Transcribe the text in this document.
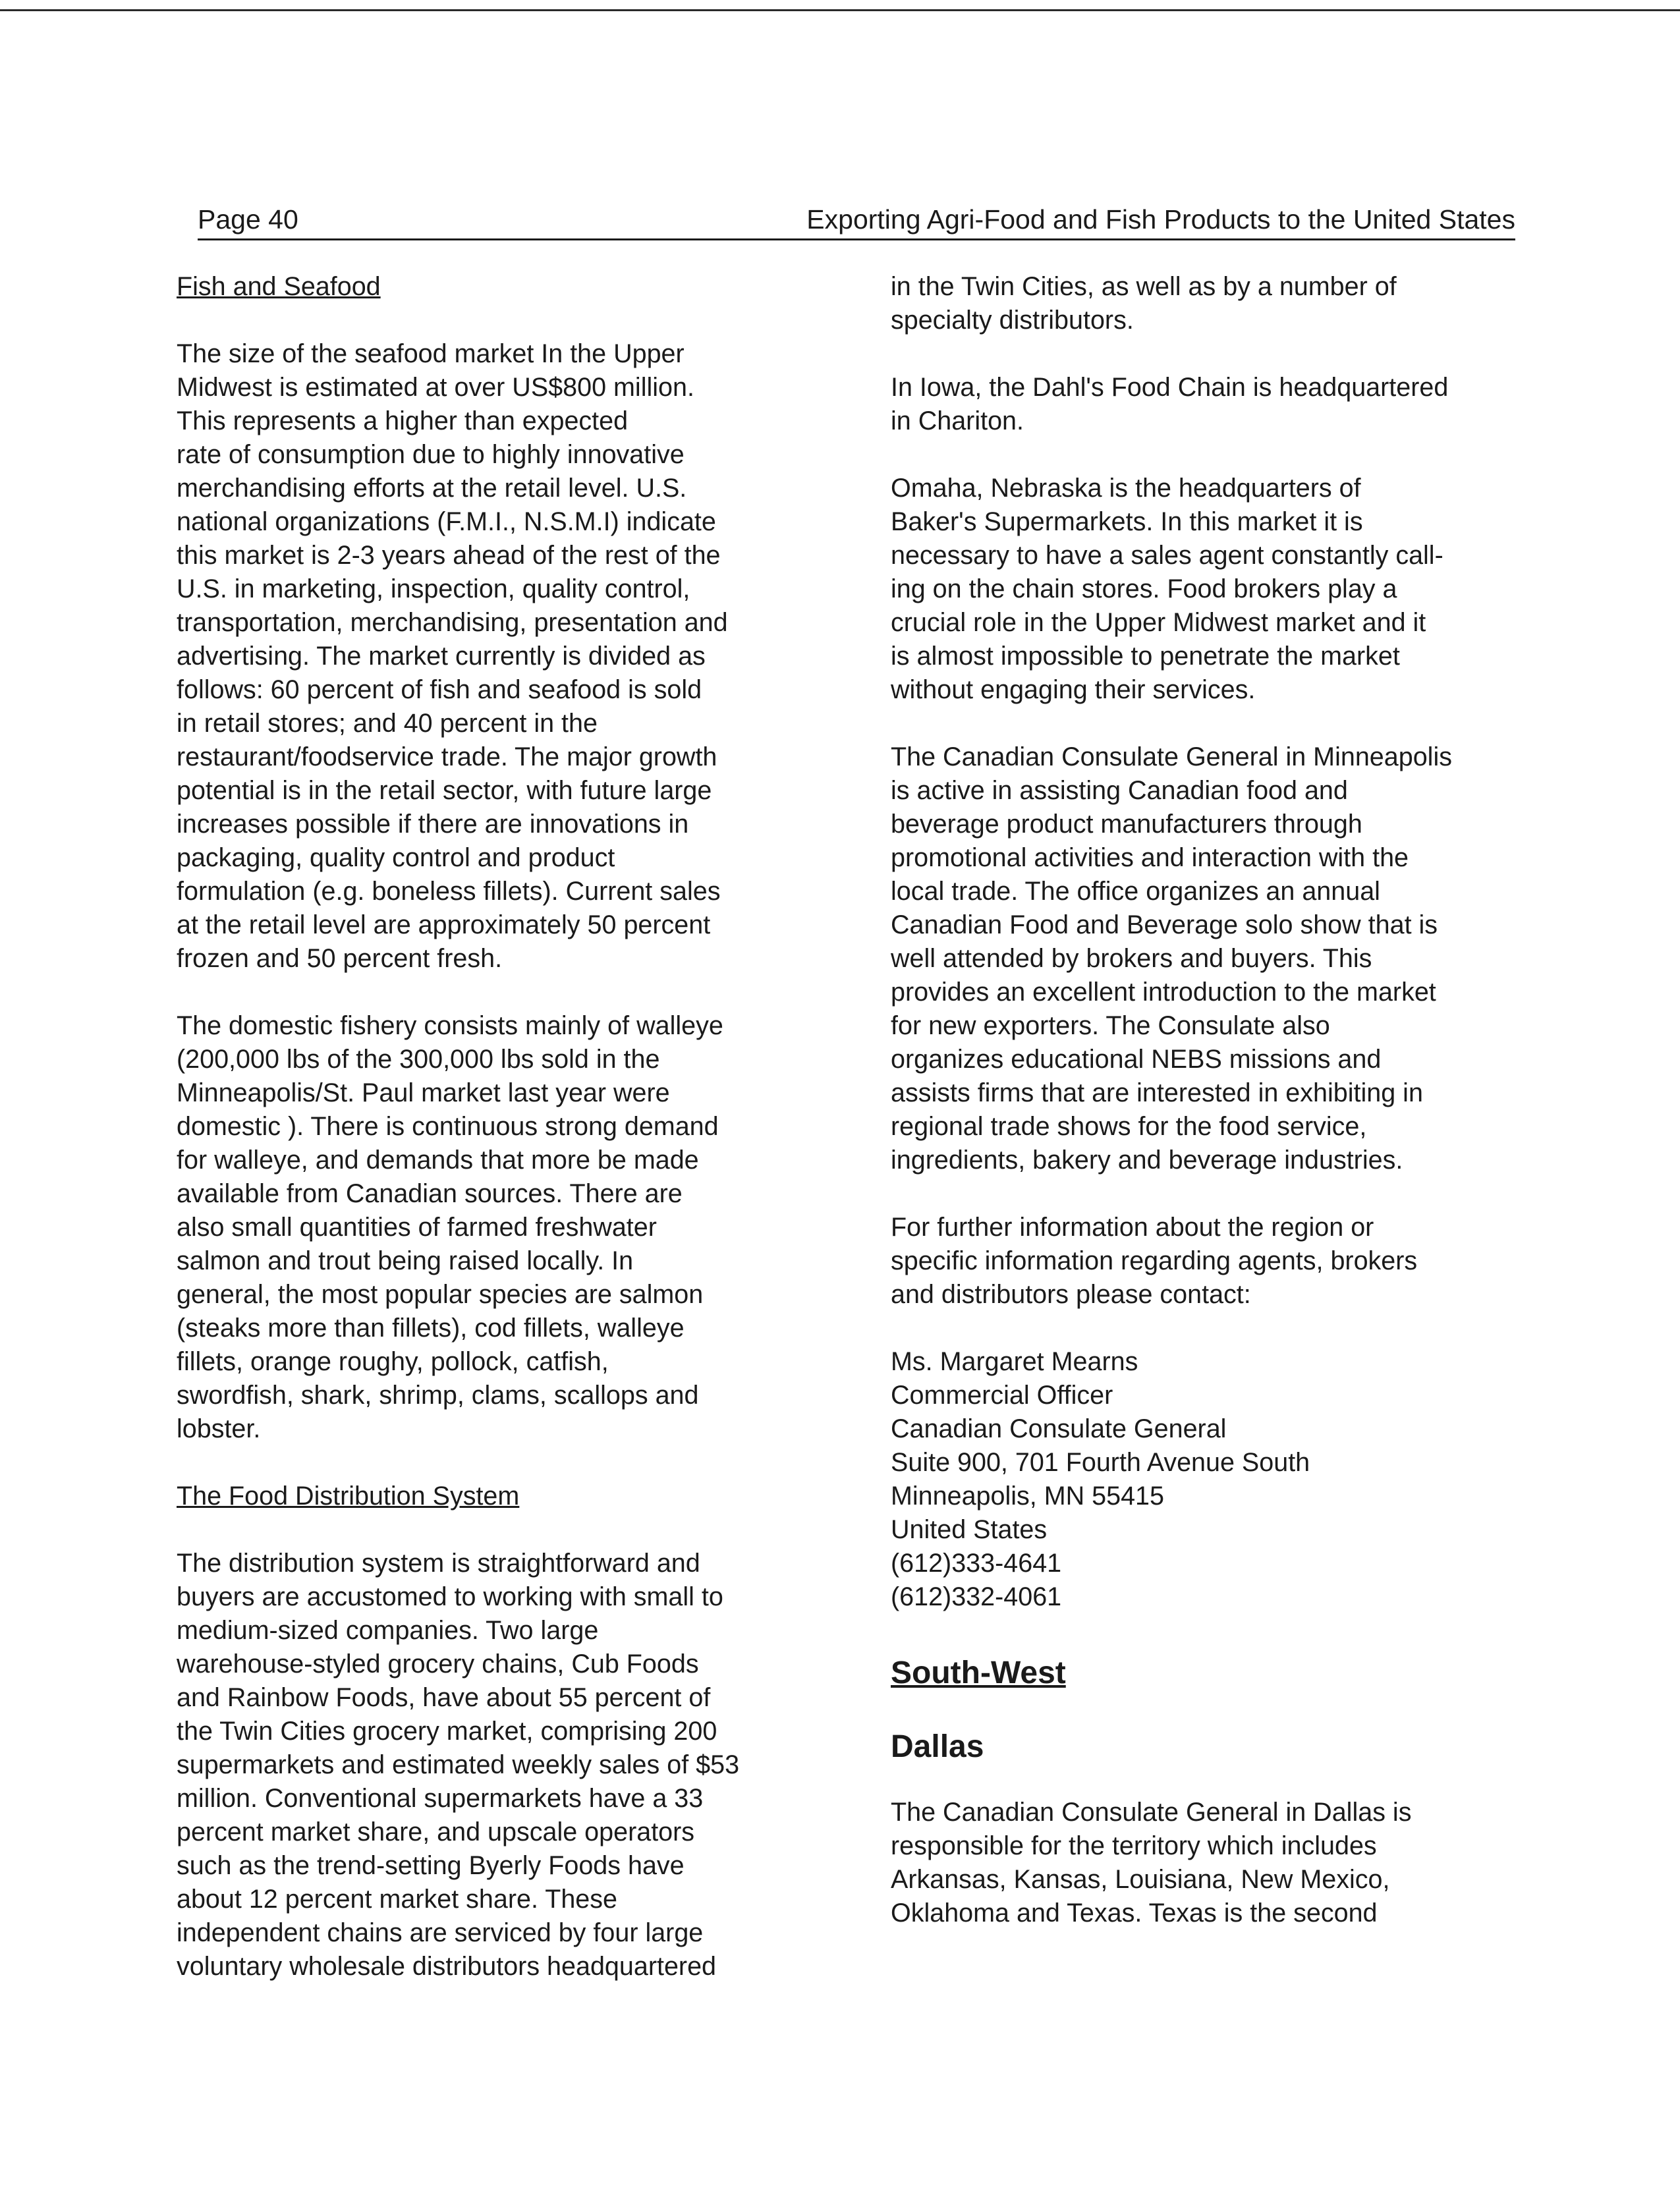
Page 40	Exporting Agri-Food and Fish Products to the United States

Fish and Seafood

The size of the seafood market In the Upper
Midwest is estimated at over US$800 million.
This represents a higher than expected
rate of consumption due to highly innovative
merchandising efforts at the retail level. U.S.
national organizations (F.M.I., N.S.M.I) indicate
this market is 2-3 years ahead of the rest of the
U.S. in marketing, inspection, quality control,
transportation, merchandising, presentation and
advertising. The market currently is divided as
follows: 60 percent of fish and seafood is sold
in retail stores; and 40 percent in the
restaurant/foodservice trade. The major growth
potential is in the retail sector, with future large
increases possible if there are innovations in
packaging, quality control and product
formulation (e.g. boneless fillets). Current sales
at the retail level are approximately 50 percent
frozen and 50 percent fresh.
The domestic fishery consists mainly of walleye
(200,000 lbs of the 300,000 lbs sold in the
Minneapolis/St. Paul market last year were
domestic ). There is continuous strong demand
for walleye, and demands that more be made
available from Canadian sources. There are
also small quantities of farmed freshwater
salmon and trout being raised locally. In
general, the most popular species are salmon
(steaks more than fillets), cod fillets, walleye
fillets, orange roughy, pollock, catfish,
swordfish, shark, shrimp, clams, scallops and
lobster.

The Food Distribution System

The distribution system is straightforward and
buyers are accustomed to working with small to
medium-sized companies. Two large
warehouse-styled grocery chains, Cub Foods
and Rainbow Foods, have about 55 percent of
the Twin Cities grocery market, comprising 200
supermarkets and estimated weekly sales of $53
million. Conventional supermarkets have a 33
percent market share, and upscale operators
such as the trend-setting Byerly Foods have
about 12 percent market share. These
independent chains are serviced by four large
voluntary wholesale distributors headquartered
in the Twin Cities, as well as by a number of
specialty distributors.
In Iowa, the Dahl's Food Chain is headquartered
in Chariton.
Omaha, Nebraska is the headquarters of
Baker's Supermarkets. In this market it is
necessary to have a sales agent constantly call-
ing on the chain stores. Food brokers play a
crucial role in the Upper Midwest market and it
is almost impossible to penetrate the market
without engaging their services.
The Canadian Consulate General in Minneapolis
is active in assisting Canadian food and
beverage product manufacturers through
promotional activities and interaction with the
local trade. The office organizes an annual
Canadian Food and Beverage solo show that is
well attended by brokers and buyers. This
provides an excellent introduction to the market
for new exporters. The Consulate also
organizes educational NEBS missions and
assists firms that are interested in exhibiting in
regional trade shows for the food service,
ingredients, bakery and beverage industries.
For further information about the region or
specific information regarding agents, brokers
and distributors please contact:
Ms. Margaret Mearns
Commercial Officer
Canadian Consulate General
Suite 900, 701 Fourth Avenue South
Minneapolis, MN 55415
United States
(612)333-4641
(612)332-4061

South-West

Dallas

The Canadian Consulate General in Dallas is
responsible for the territory which includes
Arkansas, Kansas, Louisiana, New Mexico,
Oklahoma and Texas. Texas is the second
